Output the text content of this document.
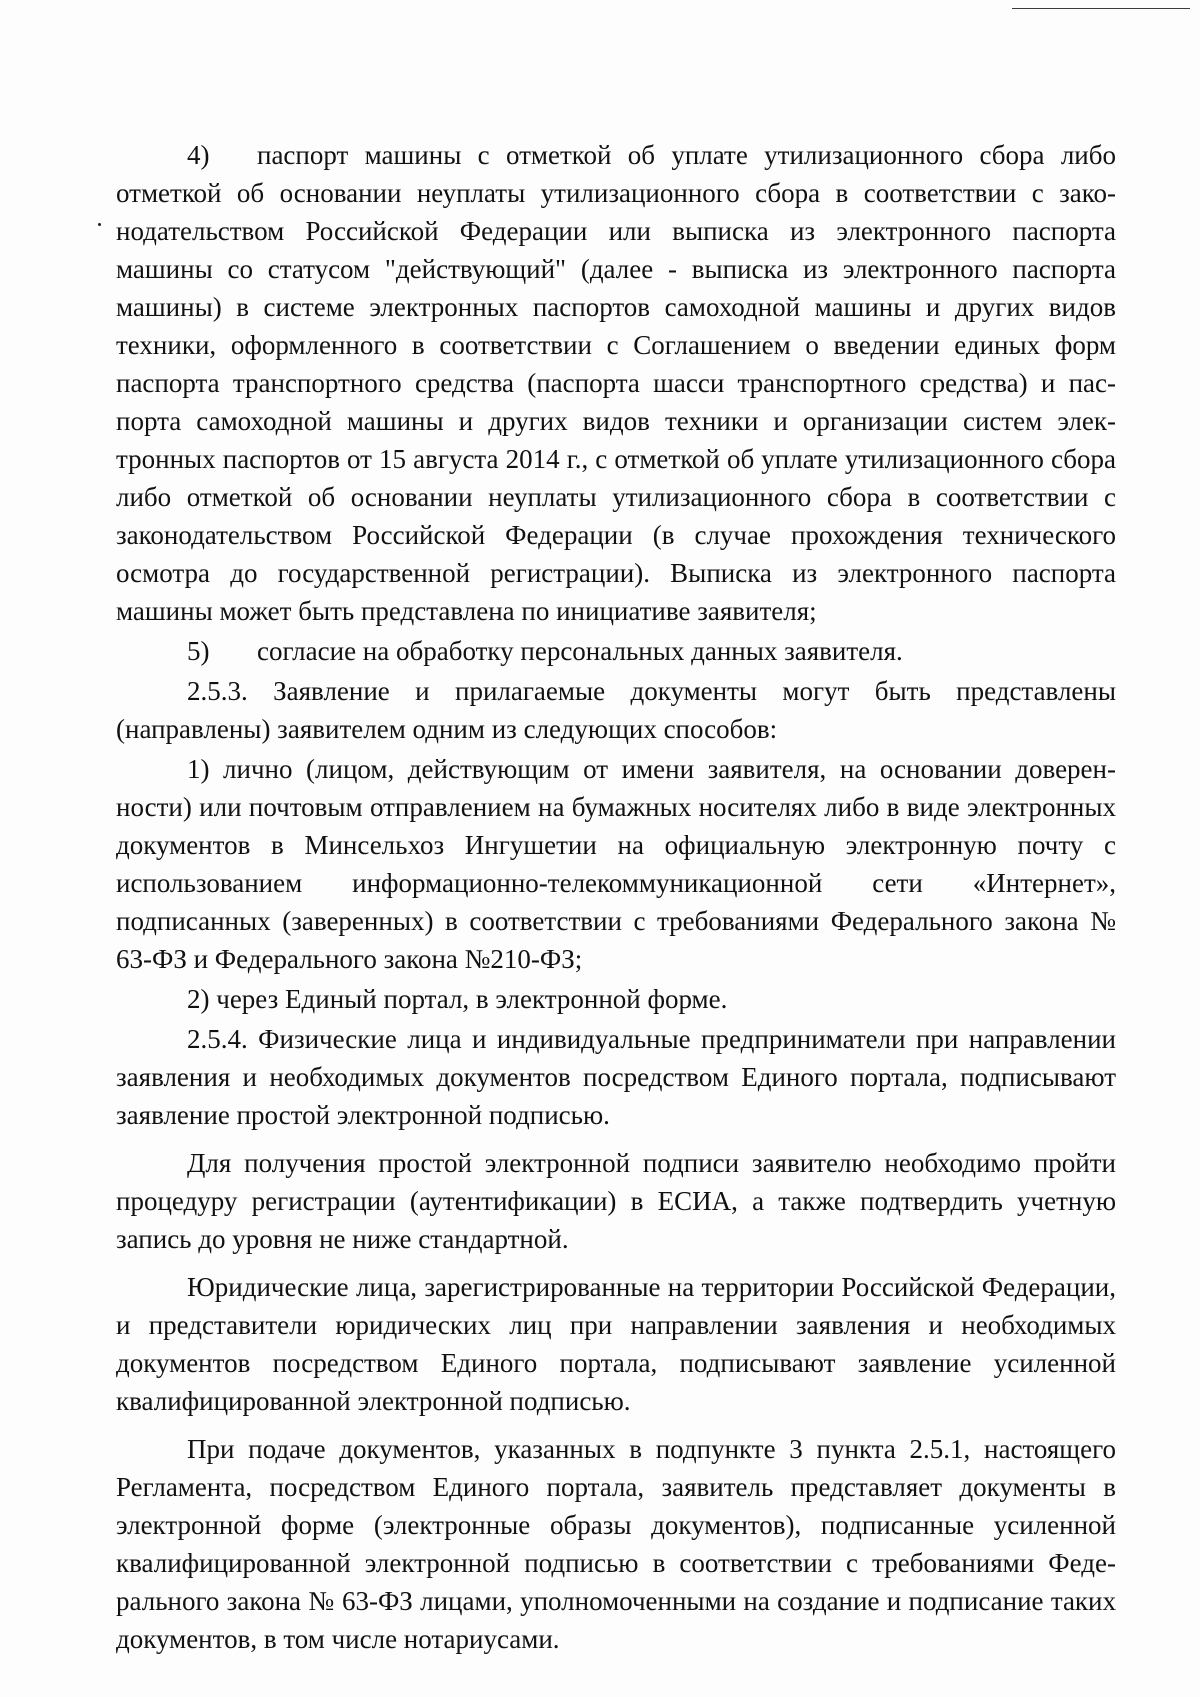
4) паспорт машины с отметкой об уплате утилизационного сбора либо отметкой об основании неуплаты утилизационного сбора в соответствии с законодательством Российской Федерации или выписка из электронного паспорта машины со статусом "действующий" (далее - выписка из электронного паспорта машины) в системе электронных паспортов самоходной машины и других видов техники, оформленного в соответствии с Соглашением о введении единых форм паспорта транспортного средства (паспорта шасси транспортного средства) и паспорта самоходной машины и других видов техники и организации систем электронных паспортов от 15 августа 2014 г., с отметкой об уплате утилизационного сбора либо отметкой об основании неуплаты утилизационного сбора в соответствии с законодательством Российской Федерации (в случае прохождения технического осмотра до государственной регистрации). Выписка из электронного паспорта машины может быть представлена по инициативе заявителя;

5) согласие на обработку персональных данных заявителя.

2.5.3. Заявление и прилагаемые документы могут быть представлены (направлены) заявителем одним из следующих способов:

1) лично (лицом, действующим от имени заявителя, на основании доверенности) или почтовым отправлением на бумажных носителях либо в виде электронных документов в Минсельхоз Ингушетии на официальную электронную почту с использованием информационно-телекоммуникационной сети «Интернет», подписанных (заверенных) в соответствии с требованиями Федерального закона № 63-ФЗ и Федерального закона №210-ФЗ;

2) через Единый портал, в электронной форме.

2.5.4. Физические лица и индивидуальные предприниматели при направлении заявления и необходимых документов посредством Единого портала, подписывают заявление простой электронной подписью.

Для получения простой электронной подписи заявителю необходимо пройти процедуру регистрации (аутентификации) в ЕСИА, а также подтвердить учетную запись до уровня не ниже стандартной.

Юридические лица, зарегистрированные на территории Российской Федерации, и представители юридических лиц при направлении заявления и необходимых документов посредством Единого портала, подписывают заявление усиленной квалифицированной электронной подписью.

При подаче документов, указанных в подпункте 3 пункта 2.5.1, настоящего Регламента, посредством Единого портала, заявитель представляет документы в электронной форме (электронные образы документов), подписанные усиленной квалифицированной электронной подписью в соответствии с требованиями Федерального закона № 63-ФЗ лицами, уполномоченными на создание и подписание таких документов, в том числе нотариусами.
